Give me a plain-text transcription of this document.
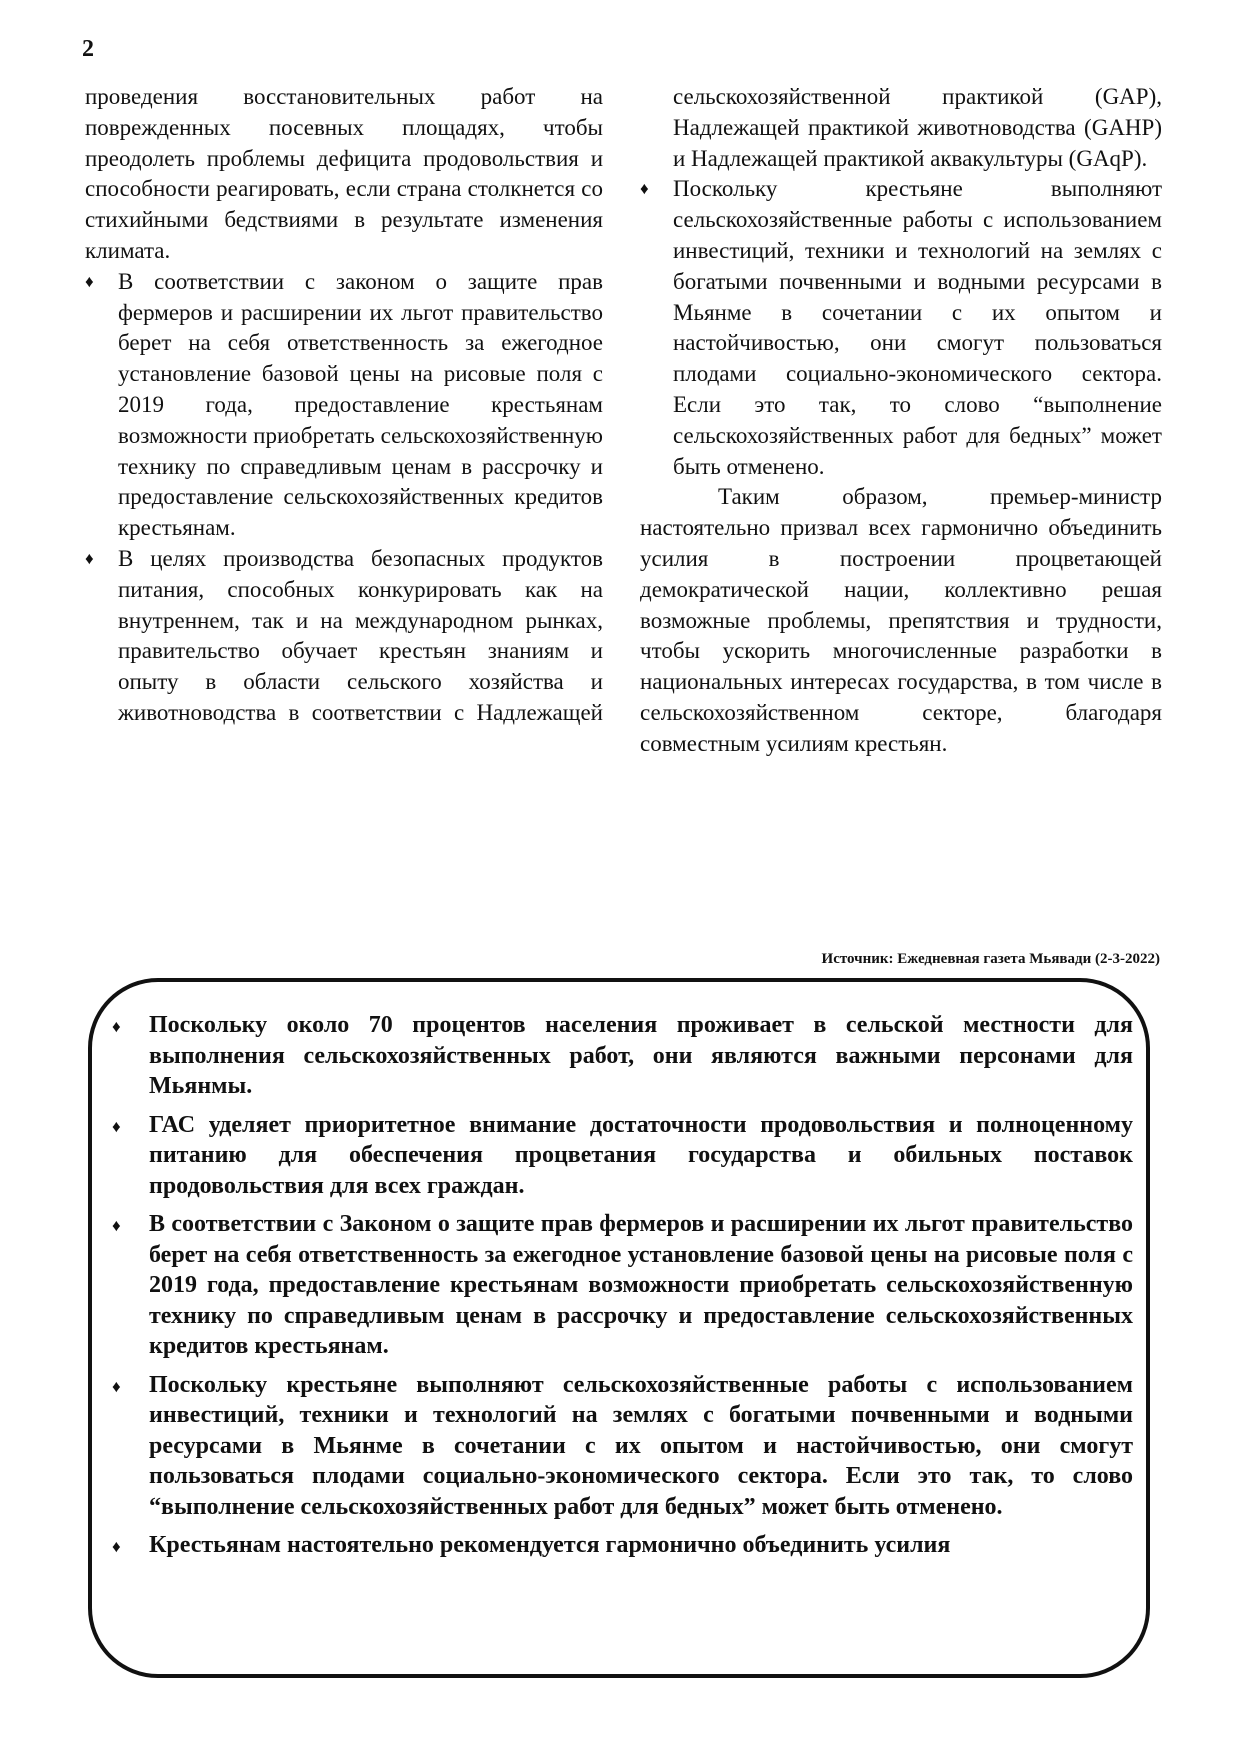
2

проведения восстановительных работ на поврежденных посевных площадях, чтобы преодолеть проблемы дефицита продовольствия и способности реагировать, если страна столкнется со стихийными бедствиями в результате изменения климата.

♦ В соответствии с законом о защите прав фермеров и расширении их льгот правительство берет на себя ответственность за ежегодное установление базовой цены на рисовые поля с 2019 года, предоставление крестьянам возможности приобретать сельскохозяйственную технику по справедливым ценам в рассрочку и предоставление сельскохозяйственных кредитов крестьянам.
♦ В целях производства безопасных продуктов питания, способных конкурировать как на внутреннем, так и на международном рынках, правительство обучает крестьян знаниям и опыту в области сельского хозяйства и животноводства в соответствии с Надлежащей

сельскохозяйственной практикой (GAP), Надлежащей практикой животноводства (GAHP) и Надлежащей практикой аквакультуры (GAqP).

♦ Поскольку крестьяне выполняют сельскохозяйственные работы с использованием инвестиций, техники и технологий на землях с богатыми почвенными и водными ресурсами в Мьянме в сочетании с их опытом и настойчивостью, они смогут пользоваться плодами социально-экономического сектора. Если это так, то слово “выполнение сельскохозяйственных работ для бедных” может быть отменено.

Таким образом, премьер-министр настоятельно призвал всех гармонично объединить усилия в построении процветающей демократической нации, коллективно решая возможные проблемы, препятствия и трудности, чтобы ускорить многочисленные разработки в национальных интересах государства, в том числе в сельскохозяйственном секторе, благодаря совместным усилиям крестьян.

Источник: Ежедневная газета Мьявади (2-3-2022)
♦ Поскольку около 70 процентов населения проживает в сельской местности для выполнения сельскохозяйственных работ, они являются важными персонами для Мьянмы.
♦ ГАС уделяет приоритетное внимание достаточности продовольствия и полноценному питанию для обеспечения процветания государства и обильных поставок продовольствия для всех граждан.
♦ В соответствии с Законом о защите прав фермеров и расширении их льгот правительство берет на себя ответственность за ежегодное установление базовой цены на рисовые поля с 2019 года, предоставление крестьянам возможности приобретать сельскохозяйственную технику по справедливым ценам в рассрочку и предоставление сельскохозяйственных кредитов крестьянам.
♦ Поскольку крестьяне выполняют сельскохозяйственные работы с использованием инвестиций, техники и технологий на землях с богатыми почвенными и водными ресурсами в Мьянме в сочетании с их опытом и настойчивостью, они смогут пользоваться плодами социально-экономического сектора. Если это так, то слово “выполнение сельскохозяйственных работ для бедных” может быть отменено.
♦ Крестьянам настоятельно рекомендуется гармонично объединить усилия
